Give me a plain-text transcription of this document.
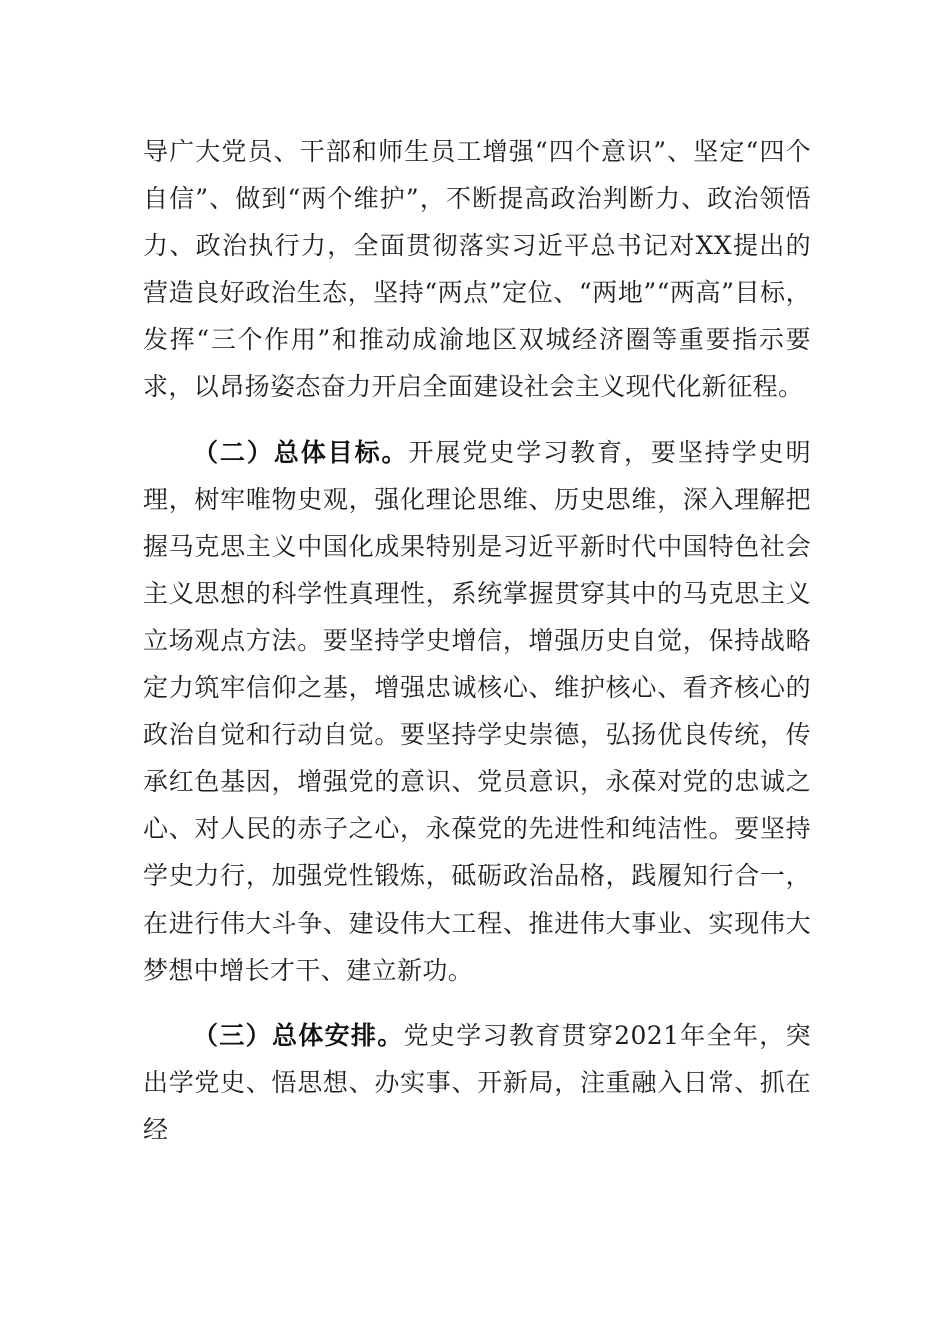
导广大党员、干部和师生员工增强“四个意识”、坚定“四个自信”、做到“两个维护”，不断提高政治判断力、政治领悟力、政治执行力，全面贯彻落实习近平总书记对XX提出的营造良好政治生态，坚持“两点”定位、“两地”“两高”目标，发挥“三个作用”和推动成渝地区双城经济圈等重要指示要求，以昂扬姿态奋力开启全面建设社会主义现代化新征程。

（二）总体目标。开展党史学习教育，要坚持学史明理，树牢唯物史观，强化理论思维、历史思维，深入理解把握马克思主义中国化成果特别是习近平新时代中国特色社会主义思想的科学性真理性，系统掌握贯穿其中的马克思主义立场观点方法。要坚持学史增信，增强历史自觉，保持战略定力筑牢信仰之基，增强忠诚核心、维护核心、看齐核心的政治自觉和行动自觉。要坚持学史崇德，弘扬优良传统，传承红色基因，增强党的意识、党员意识，永葆对党的忠诚之心、对人民的赤子之心，永葆党的先进性和纯洁性。要坚持学史力行，加强党性锻炼，砥砺政治品格，践履知行合一，在进行伟大斗争、建设伟大工程、推进伟大事业、实现伟大梦想中增长才干、建立新功。

（三）总体安排。党史学习教育贯穿2021年全年，突出学党史、悟思想、办实事、开新局，注重融入日常、抓在经
